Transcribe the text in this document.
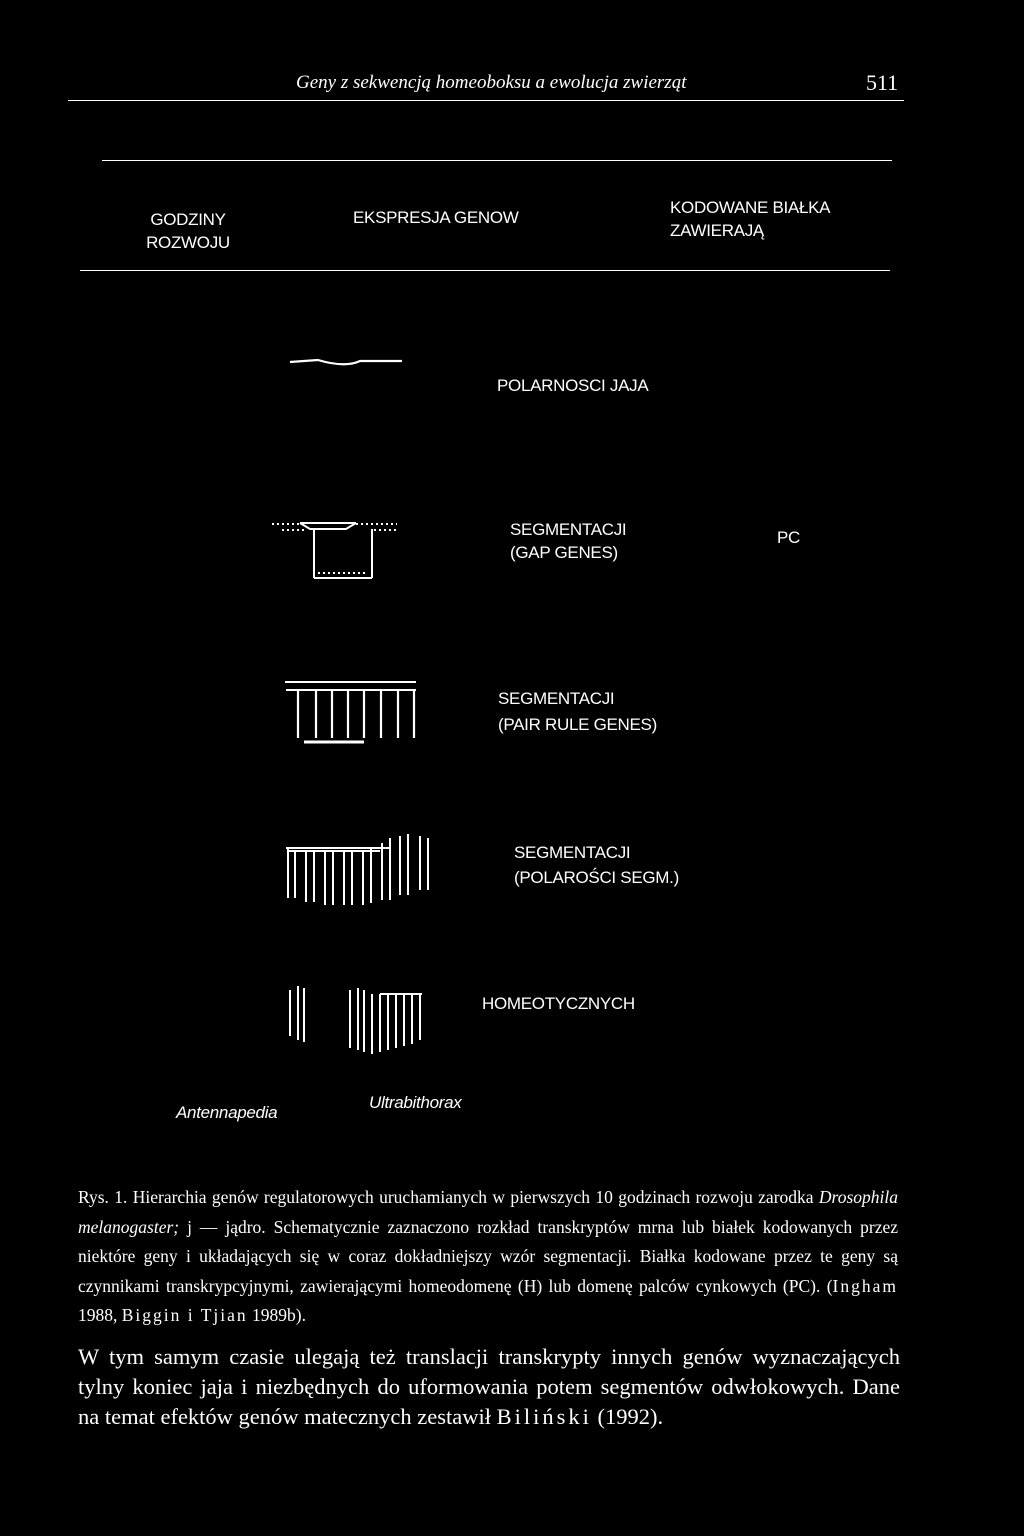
Geny z sekwencją homeoboksu a ewolucja zwierząt	511
GODZINY
ROZWOJU
EKSPRESJA GENOW
KODOWANE BIAŁKA
ZAWIERAJĄ
POLARNOSCI JAJA
SEGMENTACJI
(GAP GENES)
PC
SEGMENTACJI
(PAIR RULE GENES)
SEGMENTACJI
(POLAROŚCI SEGM.)
HOMEOTYCZNYCH
Antennapedia
Ultrabithorax
Rys. 1. Hierarchia genów regulatorowych uruchamianych w pierwszych 10 godzinach rozwoju zarodka Drosophila melanogaster; j — jądro. Schematycznie zaznaczono rozkład transkryptów mrna lub białek kodowanych przez niektóre geny i układających się w coraz dokładniejszy wzór segmentacji. Białka kodowane przez te geny są czynnikami transkrypcyjnymi, zawierającymi homeodomenę (H) lub domenę palców cynkowych (PC). (Ingham 1988, Biggin i Tjian 1989b).
W tym samym czasie ulegają też translacji transkrypty innych genów wyznaczających tylny koniec jaja i niezbędnych do uformowania potem segmentów odwłokowych. Dane na temat efektów genów matecznych zestawił Biliński (1992).
